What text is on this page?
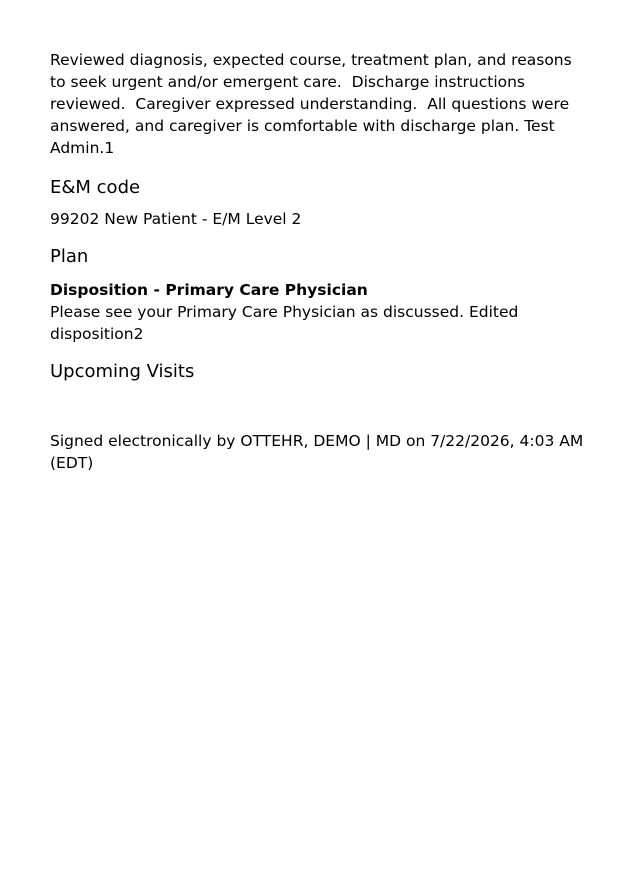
Reviewed diagnosis, expected course, treatment plan, and reasons to seek urgent and/or emergent care.  Discharge instructions reviewed.  Caregiver expressed understanding.  All questions were answered, and caregiver is comfortable with discharge plan. Test Admin.1

E&M code

99202 New Patient - E/M Level 2

Plan

Disposition - Primary Care Physician

Please see your Primary Care Physician as discussed. Edited disposition2

Upcoming Visits

Signed electronically by OTTEHR, DEMO | MD on 7/22/2026, 4:03 AM (EDT)
